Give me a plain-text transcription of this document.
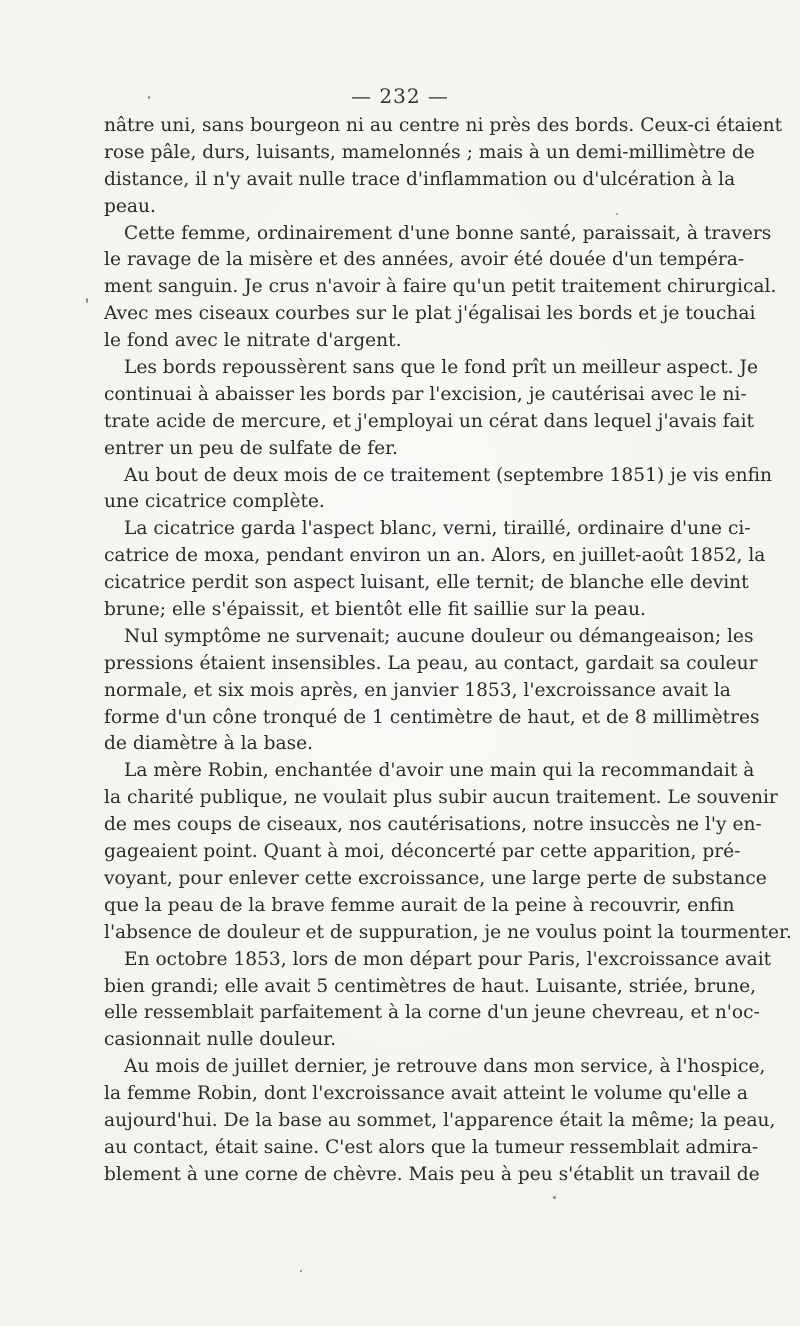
— 232 —
nâtre uni, sans bourgeon ni au centre ni près des bords. Ceux-ci étaient
rose pâle, durs, luisants, mamelonnés ; mais à un demi-millimètre de
distance, il n'y avait nulle trace d'inflammation ou d'ulcération à la
peau.
Cette femme, ordinairement d'une bonne santé, paraissait, à travers
le ravage de la misère et des années, avoir été douée d'un tempéra-
ment sanguin. Je crus n'avoir à faire qu'un petit traitement chirurgical.
Avec mes ciseaux courbes sur le plat j'égalisai les bords et je touchai
le fond avec le nitrate d'argent.
Les bords repoussèrent sans que le fond prît un meilleur aspect. Je
continuai à abaisser les bords par l'excision, je cautérisai avec le ni-
trate acide de mercure, et j'employai un cérat dans lequel j'avais fait
entrer un peu de sulfate de fer.
Au bout de deux mois de ce traitement (septembre 1851) je vis enfin
une cicatrice complète.
La cicatrice garda l'aspect blanc, verni, tiraillé, ordinaire d'une ci-
catrice de moxa, pendant environ un an. Alors, en juillet-août 1852, la
cicatrice perdit son aspect luisant, elle ternit; de blanche elle devint
brune; elle s'épaissit, et bientôt elle fit saillie sur la peau.
Nul symptôme ne survenait; aucune douleur ou démangeaison; les
pressions étaient insensibles. La peau, au contact, gardait sa couleur
normale, et six mois après, en janvier 1853, l'excroissance avait la
forme d'un cône tronqué de 1 centimètre de haut, et de 8 millimètres
de diamètre à la base.
La mère Robin, enchantée d'avoir une main qui la recommandait à
la charité publique, ne voulait plus subir aucun traitement. Le souvenir
de mes coups de ciseaux, nos cautérisations, notre insuccès ne l'y en-
gageaient point. Quant à moi, déconcerté par cette apparition, pré-
voyant, pour enlever cette excroissance, une large perte de substance
que la peau de la brave femme aurait de la peine à recouvrir, enfin
l'absence de douleur et de suppuration, je ne voulus point la tourmenter.
En octobre 1853, lors de mon départ pour Paris, l'excroissance avait
bien grandi; elle avait 5 centimètres de haut. Luisante, striée, brune,
elle ressemblait parfaitement à la corne d'un jeune chevreau, et n'oc-
casionnait nulle douleur.
Au mois de juillet dernier, je retrouve dans mon service, à l'hospice,
la femme Robin, dont l'excroissance avait atteint le volume qu'elle a
aujourd'hui. De la base au sommet, l'apparence était la même; la peau,
au contact, était saine. C'est alors que la tumeur ressemblait admira-
blement à une corne de chèvre. Mais peu à peu s'établit un travail de
